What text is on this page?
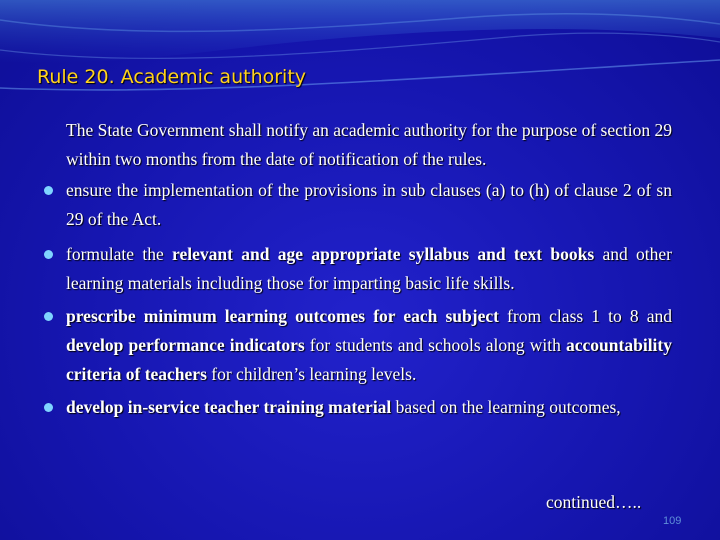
Rule 20. Academic authority
The State Government shall notify an academic authority for the purpose of section 29 within two months from the date of notification of the rules.
ensure the implementation of the provisions in sub clauses (a) to (h) of clause 2 of sn 29 of the Act.
formulate the relevant and age appropriate syllabus and text books and other learning materials including those for imparting basic life skills.
prescribe minimum learning outcomes for each subject from class 1 to 8 and develop performance indicators for students and schools along with accountability criteria of teachers for children’s learning levels.
develop in-service teacher training material based on the learning outcomes,
continued…..
109
